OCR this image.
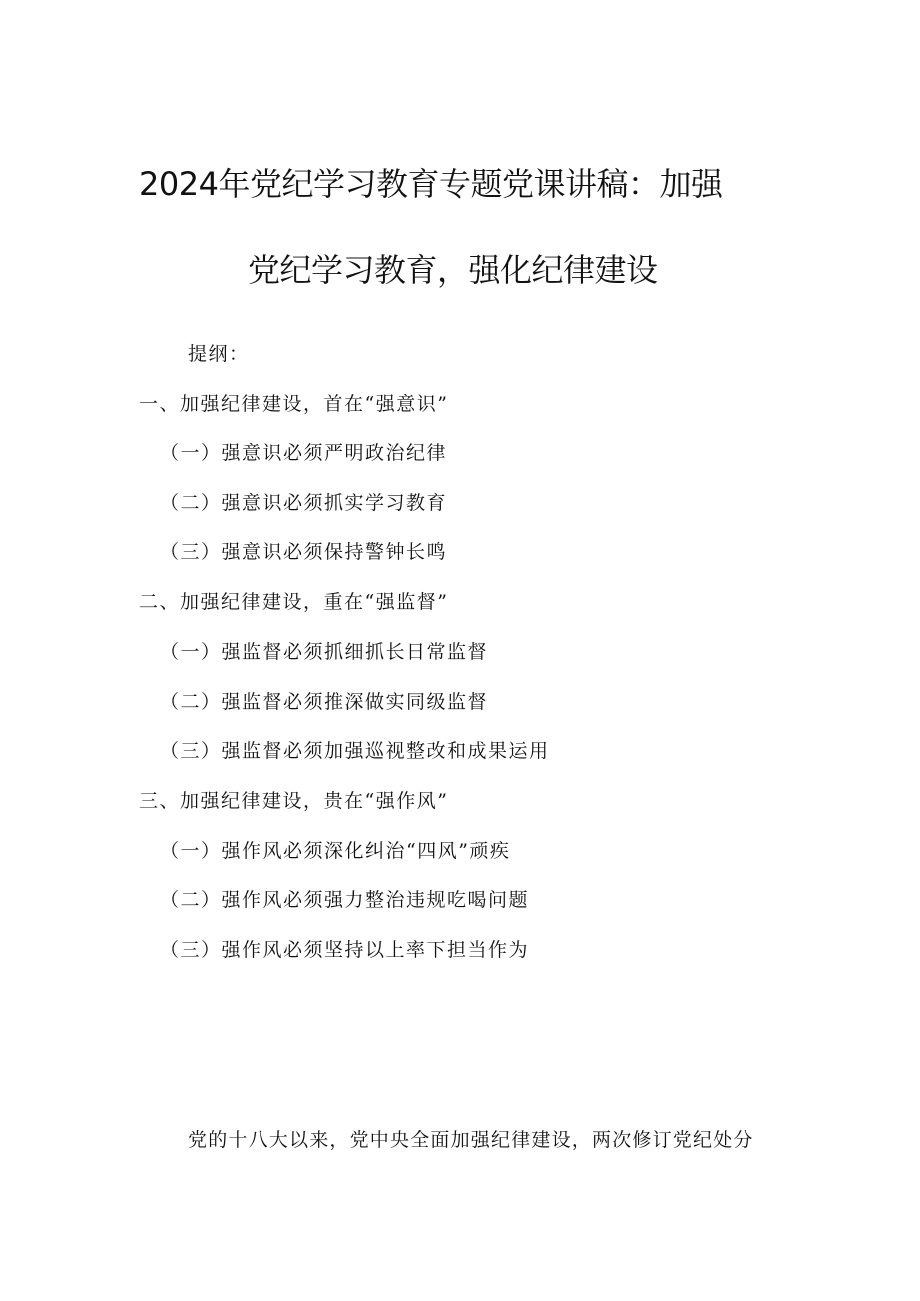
2024年党纪学习教育专题党课讲稿：加强
党纪学习教育，强化纪律建设

提纲：

一、加强纪律建设，首在“强意识”

（一）强意识必须严明政治纪律

（二）强意识必须抓实学习教育

（三）强意识必须保持警钟长鸣

二、加强纪律建设，重在“强监督”

（一）强监督必须抓细抓长日常监督

（二）强监督必须推深做实同级监督

（三）强监督必须加强巡视整改和成果运用

三、加强纪律建设，贵在“强作风”

（一）强作风必须深化纠治“四风”顽疾

（二）强作风必须强力整治违规吃喝问题

（三）强作风必须坚持以上率下担当作为

党的十八大以来，党中央全面加强纪律建设，两次修订党纪处分
